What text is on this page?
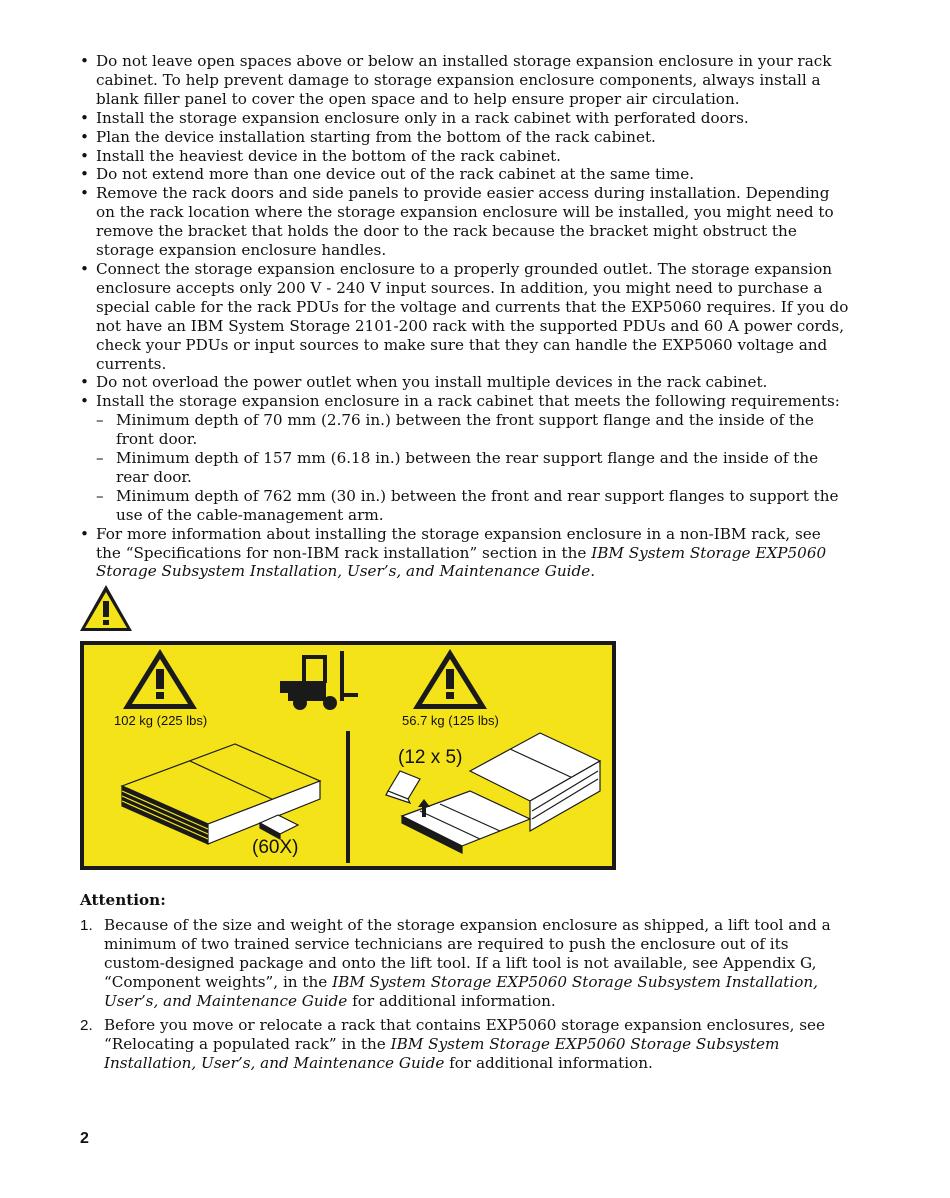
• Do not leave open spaces above or below an installed storage expansion enclosure in your rack cabinet. To help prevent damage to storage expansion enclosure components, always install a blank filler panel to cover the open space and to help ensure proper air circulation.
• Install the storage expansion enclosure only in a rack cabinet with perforated doors.
• Plan the device installation starting from the bottom of the rack cabinet.
• Install the heaviest device in the bottom of the rack cabinet.
• Do not extend more than one device out of the rack cabinet at the same time.
• Remove the rack doors and side panels to provide easier access during installation. Depending on the rack location where the storage expansion enclosure will be installed, you might need to remove the bracket that holds the door to the rack because the bracket might obstruct the storage expansion enclosure handles.
• Connect the storage expansion enclosure to a properly grounded outlet. The storage expansion enclosure accepts only 200 V - 240 V input sources. In addition, you might need to purchase a special cable for the rack PDUs for the voltage and currents that the EXP5060 requires. If you do not have an IBM System Storage 2101-200 rack with the supported PDUs and 60 A power cords, check your PDUs or input sources to make sure that they can handle the EXP5060 voltage and currents.
• Do not overload the power outlet when you install multiple devices in the rack cabinet.
• Install the storage expansion enclosure in a rack cabinet that meets the following requirements:
– Minimum depth of 70 mm (2.76 in.) between the front support flange and the inside of the front door.
– Minimum depth of 157 mm (6.18 in.) between the rear support flange and the inside of the rear door.
– Minimum depth of 762 mm (30 in.) between the front and rear support flanges to support the use of the cable-management arm.
• For more information about installing the storage expansion enclosure in a non-IBM rack, see the “Specifications for non-IBM rack installation” section in the IBM System Storage EXP5060 Storage Subsystem Installation, User’s, and Maintenance Guide.
102 kg (225 lbs)	56.7 kg (125 lbs)
(60X)
(12 x 5)
Attention:
1. Because of the size and weight of the storage expansion enclosure as shipped, a lift tool and a minimum of two trained service technicians are required to push the enclosure out of its custom-designed package and onto the lift tool. If a lift tool is not available, see Appendix G, “Component weights”, in the IBM System Storage EXP5060 Storage Subsystem Installation, User’s, and Maintenance Guide for additional information.
2. Before you move or relocate a rack that contains EXP5060 storage expansion enclosures, see “Relocating a populated rack” in the IBM System Storage EXP5060 Storage Subsystem Installation, User’s, and Maintenance Guide for additional information.
2
